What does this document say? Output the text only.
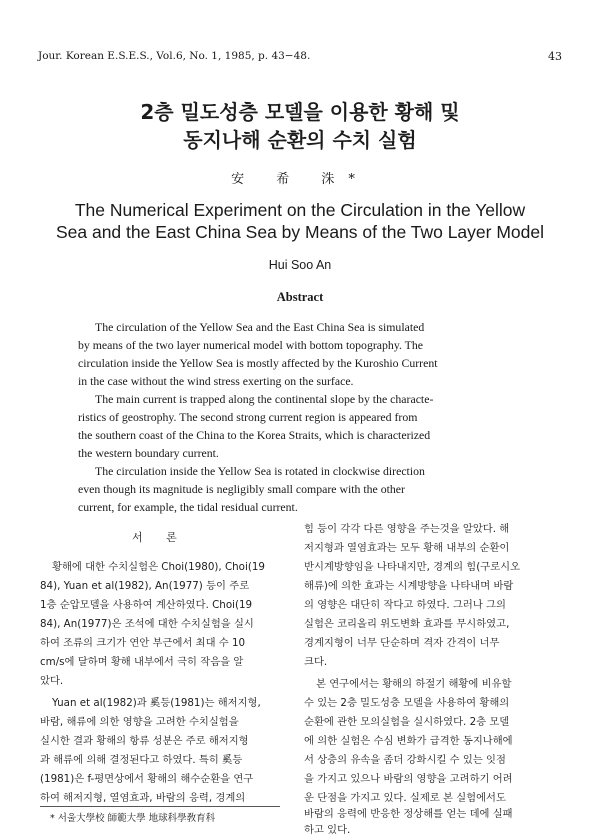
Jour. Korean E.S.E.S., Vol.6, No. 1, 1985, p. 43−48.	43
2층 밀도성층 모델을 이용한 황해 및
동지나해 순환의 수치 실험
安 希 洙*
The Numerical Experiment on the Circulation in the Yellow
Sea and the East China Sea by Means of the Two Layer Model
Hui Soo An
Abstract
The circulation of the Yellow Sea and the East China Sea is simulated
by means of the two layer numerical model with bottom topography. The
circulation inside the Yellow Sea is mostly affected by the Kuroshio Current
in the case without the wind stress exerting on the surface.
The main current is trapped along the continental slope by the characte-
ristics of geostrophy. The second strong current region is appeared from
the southern coast of the China to the Korea Straits, which is characterized
the western boundary current.
The circulation inside the Yellow Sea is rotated in clockwise direction
even though its magnitude is negligibly small compare with the other
current, for example, the tidal residual current.
서 론
황해에 대한 수치실험은 Choi(1980), Choi(19
84), Yuan et al(1982), An(1977) 등이 주로
1층 순압모델을 사용하여 계산하였다. Choi(19
84), An(1977)은 조석에 대한 수치실험을 실시
하여 조류의 크기가 연안 부근에서 최대 수 10
cm/s에 달하며 황해 내부에서 극히 작음을 알
았다.
Yuan et al(1982)과 奚등(1981)는 해저지형,
바람, 해류에 의한 영향을 고려한 수치실험을
실시한 결과 황해의 항류 성분은 주로 해저지형
과 해류에 의해 결정된다고 하였다. 특히 奚등
(1981)은 f-평면상에서 황해의 해수순환을 연구
하여 해저지형, 열염효과, 바람의 응력, 경계의
힘 등이 각각 다른 영향을 주는것을 알았다. 해
저지형과 열염효과는 모두 황해 내부의 순환이
반시계방향임을 나타내지만, 경계의 힘(구로시오
해류)에 의한 효과는 시계방향을 나타내며 바람
의 영향은 대단히 작다고 하였다. 그러나 그의
실험은 코리올리 위도변화 효과를 무시하였고,
경계지형이 너무 단순하며 격자 간격이 너무
크다.
본 연구에서는 황해의 하절기 해황에 비유할
수 있는 2층 밀도성층 모델을 사용하여 황해의
순환에 관한 모의실험을 실시하였다. 2층 모델
에 의한 실험은 수심 변화가 급격한 동지나해에
서 상층의 유속을 좀더 강화시킬 수 있는 잇점
을 가지고 있으나 바람의 영향을 고려하기 어려
운 단점을 가지고 있다. 실제로 본 실험에서도
바람의 응력에 반응한 정상해를 얻는 데에 실패
하고 있다.
* 서울大學校 師範大學 地球科學敎育科
